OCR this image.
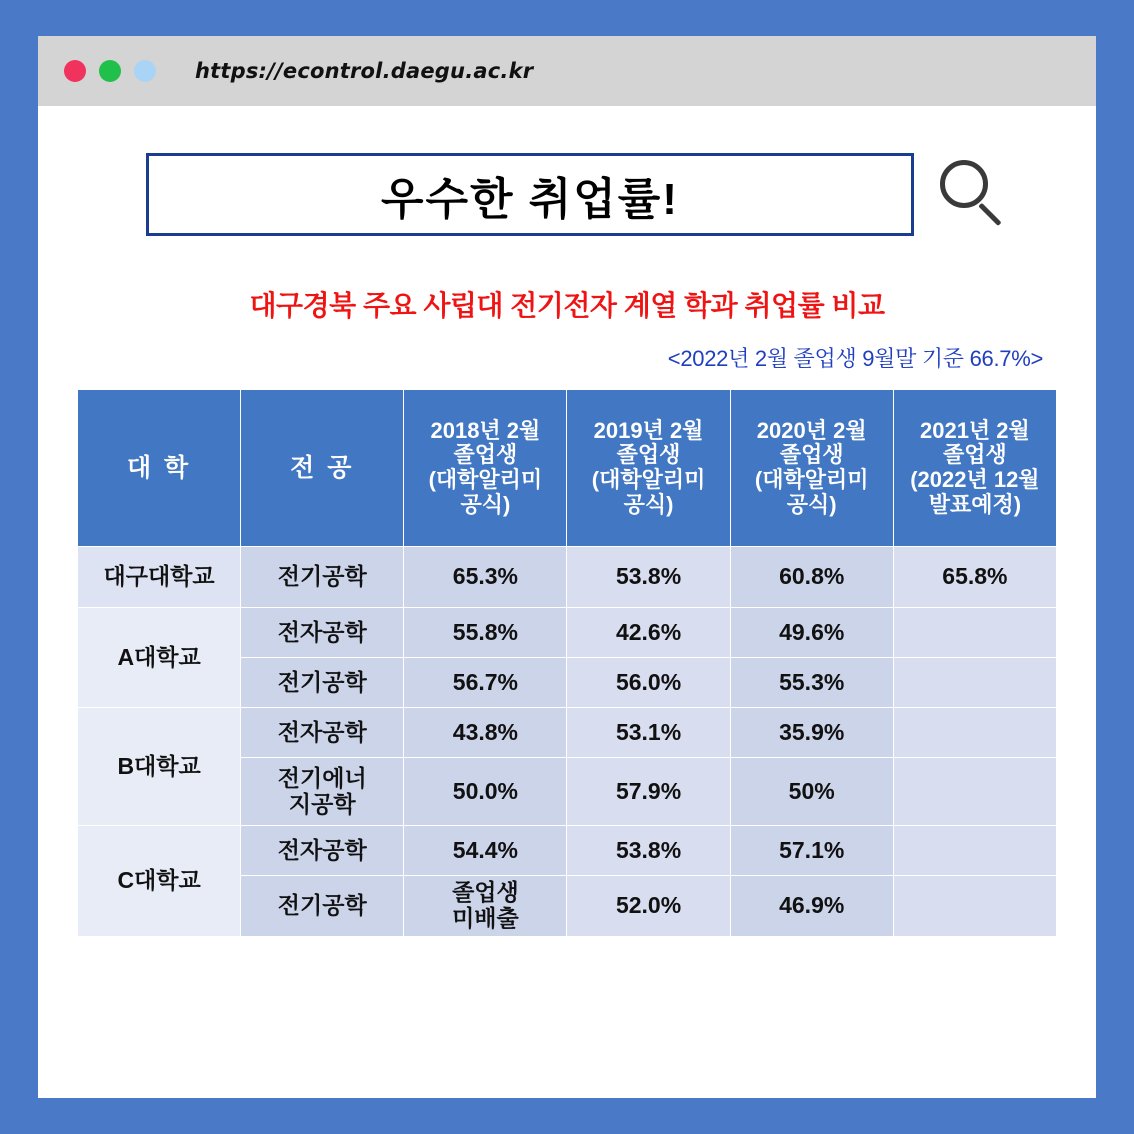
https://econtrol.daegu.ac.kr
우수한 취업률!
대구경북 주요 사립대 전기전자 계열 학과 취업률 비교
<2022년 2월 졸업생 9월말 기준 66.7%>
대 학	전 공	
2018년 2월
졸업생
(대학알리미
공식)

2019년 2월
졸업생
(대학알리미
공식)

2020년 2월
졸업생
(대학알리미
공식)

2021년 2월
졸업생
(2022년 12월
발표예정)

대구대학교	전기공학	65.3%	53.8%	60.8%	65.8%
A대학교	전자공학	55.8%	42.6%	49.6%	
	전기공학	56.7%	56.0%	55.3%	
B대학교	전자공학	43.8%	53.1%	35.9%	
	전기에너
지공학	50.0%	57.9%	50%	
C대학교	전자공학	54.4%	53.8%	57.1%	
	전기공학	졸업생
미배출	52.0%	46.9%	
